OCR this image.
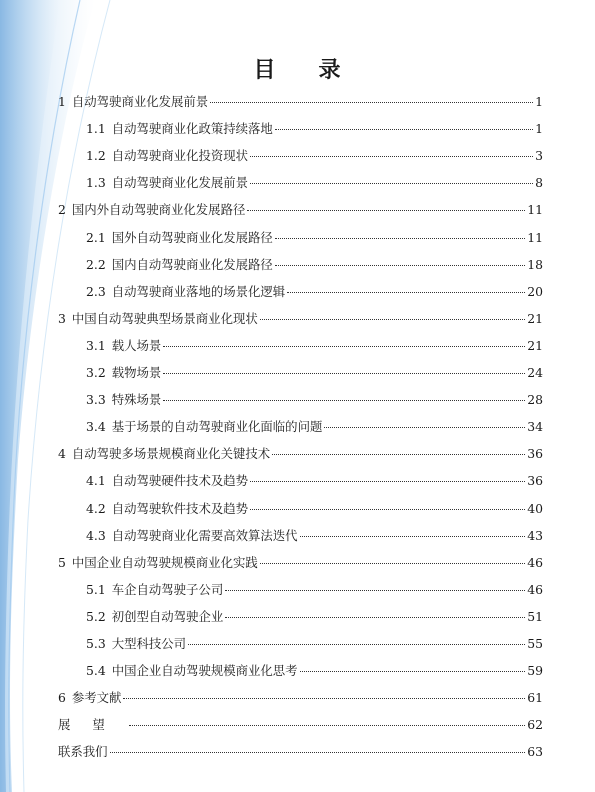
目 录
1 自动驾驶商业化发展前景	1
1.1 自动驾驶商业化政策持续落地	1
1.2 自动驾驶商业化投资现状	3
1.3 自动驾驶商业化发展前景	8
2 国内外自动驾驶商业化发展路径	11
2.1 国外自动驾驶商业化发展路径	11
2.2 国内自动驾驶商业化发展路径	18
2.3 自动驾驶商业落地的场景化逻辑	20
3 中国自动驾驶典型场景商业化现状	21
3.1 载人场景	21
3.2 载物场景	24
3.3 特殊场景	28
3.4 基于场景的自动驾驶商业化面临的问题	34
4 自动驾驶多场景规模商业化关键技术	36
4.1 自动驾驶硬件技术及趋势	36
4.2 自动驾驶软件技术及趋势	40
4.3 自动驾驶商业化需要高效算法迭代	43
5 中国企业自动驾驶规模商业化实践	46
5.1 车企自动驾驶子公司	46
5.2 初创型自动驾驶企业	51
5.3 大型科技公司	55
5.4 中国企业自动驾驶规模商业化思考	59
6 参考文献	61
展望	62
联系我们	63
